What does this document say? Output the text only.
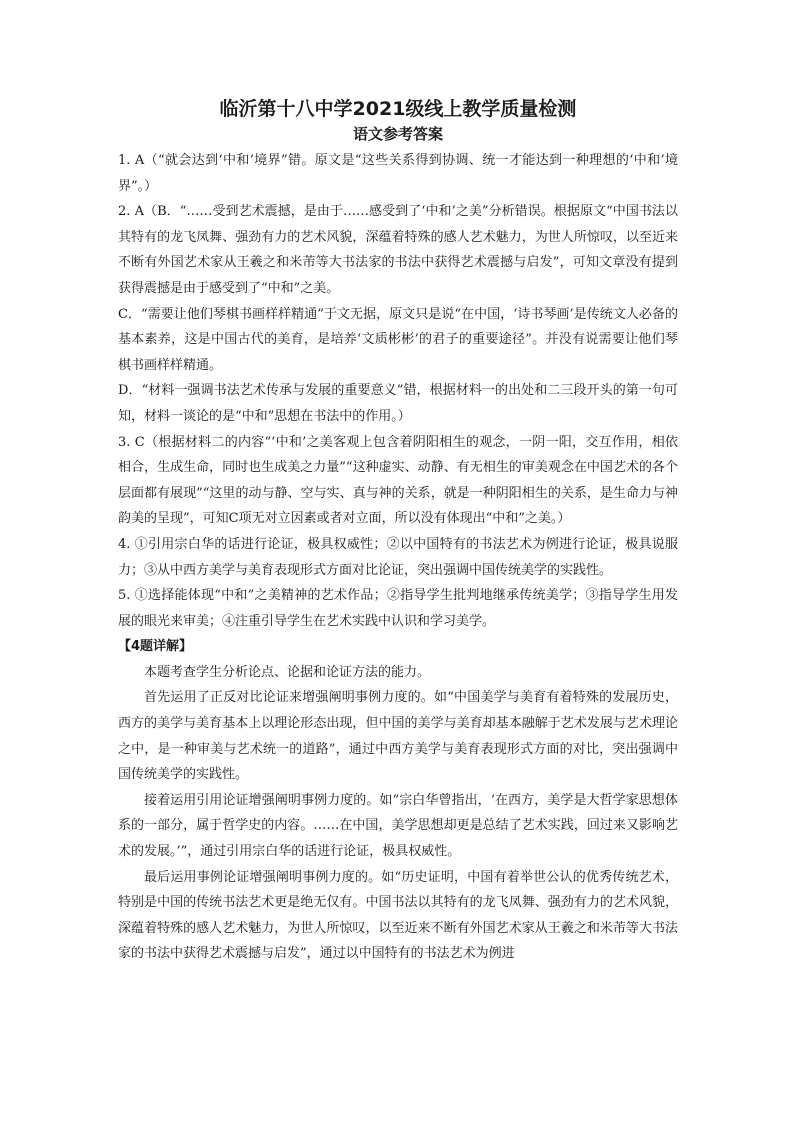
临沂第十八中学2021级线上教学质量检测
语文参考答案

1. A（“就会达到‘中和’境界”错。原文是“这些关系得到协调、统一才能达到一种理想的‘中和’境界”。）

2. A（B．“……受到艺术震撼，是由于……感受到了‘中和’之美”分析错误。根据原文“中国书法以其特有的龙飞凤舞、强劲有力的艺术风貌，深蕴着特殊的感人艺术魅力，为世人所惊叹，以至近来不断有外国艺术家从王羲之和米芾等大书法家的书法中获得艺术震撼与启发”，可知文章没有提到获得震撼是由于感受到了“中和”之美。

C．“需要让他们琴棋书画样样精通”于文无据，原文只是说“在中国，‘诗书琴画’是传统文人必备的基本素养，这是中国古代的美育，是培养‘文质彬彬’的君子的重要途径”。并没有说需要让他们琴棋书画样样精通。

D．“材料一强调书法艺术传承与发展的重要意义”错，根据材料一的出处和二三段开头的第一句可知，材料一谈论的是“中和”思想在书法中的作用。）

3. C（根据材料二的内容“‘中和’之美客观上包含着阴阳相生的观念，一阴一阳，交互作用，相依相合，生成生命，同时也生成美之力量”“这种虚实、动静、有无相生的审美观念在中国艺术的各个层面都有展现”“这里的动与静、空与实、真与神的关系，就是一种阴阳相生的关系，是生命力与神韵美的呈现”，可知C项无对立因素或者对立面，所以没有体现出“中和”之美。）

4. ①引用宗白华的话进行论证，极具权威性；②以中国特有的书法艺术为例进行论证，极具说服力；③从中西方美学与美育表现形式方面对比论证，突出强调中国传统美学的实践性。

5. ①选择能体现“中和”之美精神的艺术作品；②指导学生批判地继承传统美学；③指导学生用发展的眼光来审美；④注重引导学生在艺术实践中认识和学习美学。

【4题详解】

本题考查学生分析论点、论据和论证方法的能力。

首先运用了正反对比论证来增强阐明事例力度的。如“中国美学与美育有着特殊的发展历史，西方的美学与美育基本上以理论形态出现，但中国的美学与美育却基本融解于艺术发展与艺术理论之中，是一种审美与艺术统一的道路”，通过中西方美学与美育表现形式方面的对比，突出强调中国传统美学的实践性。

接着运用引用论证增强阐明事例力度的。如“宗白华曾指出，‘在西方，美学是大哲学家思想体系的一部分，属于哲学史的内容。……在中国，美学思想却更是总结了艺术实践，回过来又影响艺术的发展。’”，通过引用宗白华的话进行论证，极具权威性。

最后运用事例论证增强阐明事例力度的。如“历史证明，中国有着举世公认的优秀传统艺术，特别是中国的传统书法艺术更是绝无仅有。中国书法以其特有的龙飞凤舞、强劲有力的艺术风貌，深蕴着特殊的感人艺术魅力，为世人所惊叹，以至近来不断有外国艺术家从王羲之和米芾等大书法家的书法中获得艺术震撼与启发”，通过以中国特有的书法艺术为例进
